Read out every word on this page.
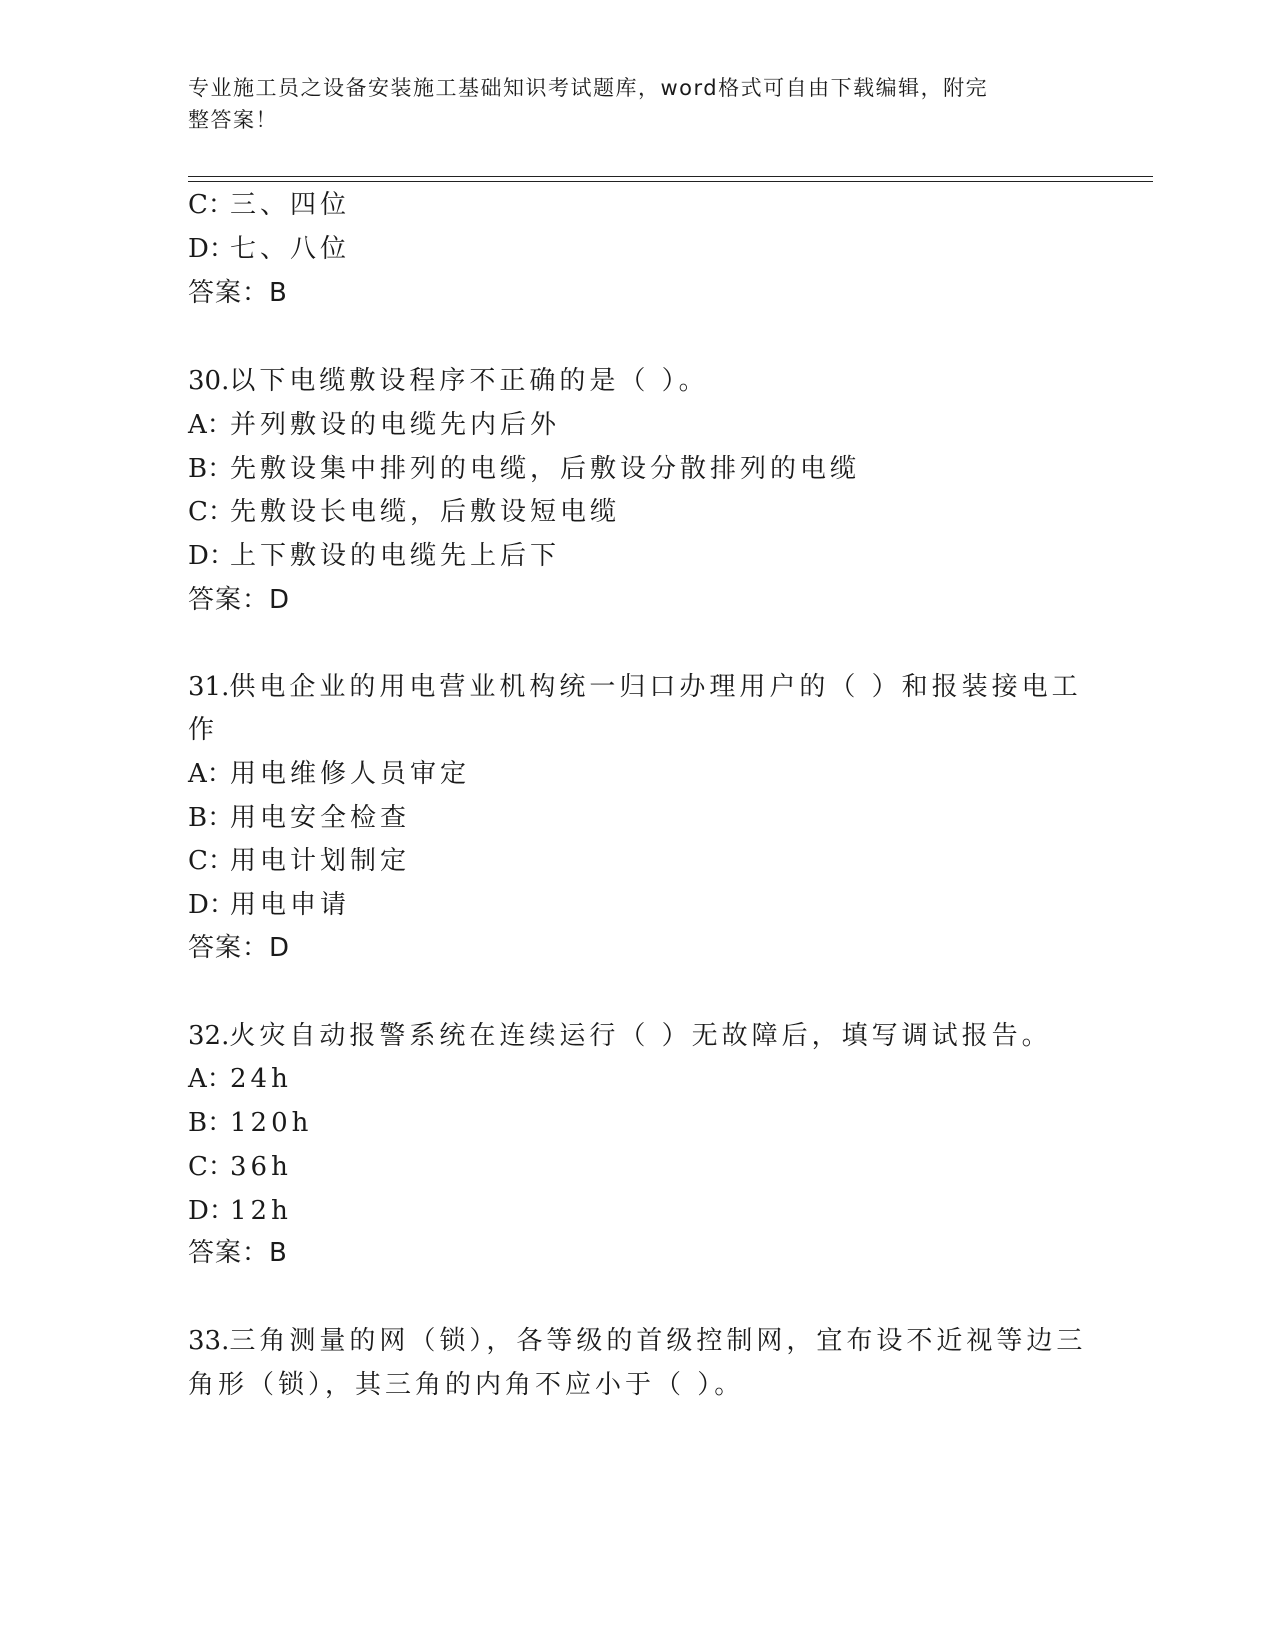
专业施工员之设备安装施工基础知识考试题库，word格式可自由下载编辑，附完
整答案！
C：三、四位
D：七、八位
答案：B
30.以下电缆敷设程序不正确的是（ ）。
A：并列敷设的电缆先内后外
B：先敷设集中排列的电缆，后敷设分散排列的电缆
C：先敷设长电缆，后敷设短电缆
D：上下敷设的电缆先上后下
答案：D
31.供电企业的用电营业机构统一归口办理用户的（ ）和报装接电工
作
A：用电维修人员审定
B：用电安全检查
C：用电计划制定
D：用电申请
答案：D
32.火灾自动报警系统在连续运行（ ）无故障后，填写调试报告。
A：24h
B：120h
C：36h
D：12h
答案：B
33.三角测量的网（锁），各等级的首级控制网，宜布设不近视等边三
角形（锁），其三角的内角不应小于（ ）。
